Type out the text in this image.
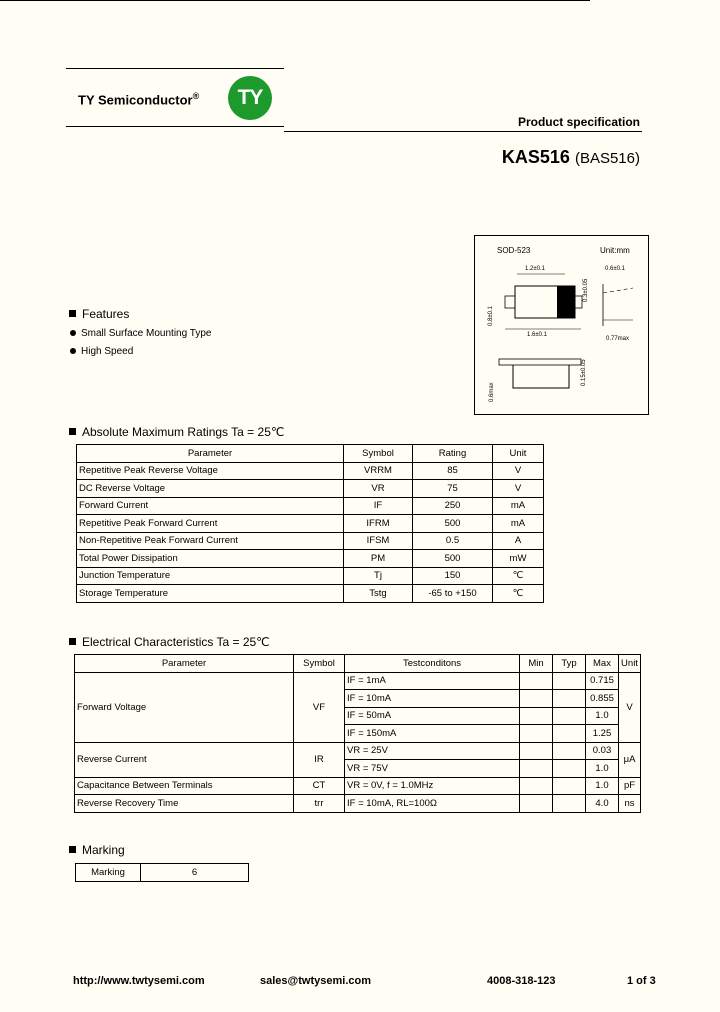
TY Semiconductor®	TY
Product specification
KAS516 (BAS516)
SOD-523	Unit:mm
1.2±0.1
1.6±0.1
0.8±0.1
0.3±0.05
0.6±0.1
0.77max
0.15±0.05
0.6max
Features
Small Surface Mounting Type
High Speed
Absolute Maximum Ratings Ta = 25℃
Parameter	Symbol	Rating	Unit
Repetitive Peak Reverse Voltage	VRRM	85	V
DC Reverse Voltage	VR	75	V
Forward Current	IF	250	mA
Repetitive Peak Forward Current	IFRM	500	mA
Non-Repetitive Peak Forward Current	IFSM	0.5	A
Total Power Dissipation	PM	500	mW
Junction Temperature	Tj	150	℃
Storage Temperature	Tstg	-65 to +150	℃
Electrical Characteristics Ta = 25℃
Parameter	Symbol	Testconditons	Min	Typ	Max	Unit
Forward Voltage	VF	IF = 1mA			0.715	V
		IF = 10mA			0.855	
		IF = 50mA			1.0	
		IF = 150mA			1.25	
Reverse Current	IR	VR = 25V			0.03	μA
		VR = 75V			1.0	
Capacitance Between Terminals	CT	VR = 0V, f = 1.0MHz			1.0	pF
Reverse Recovery Time	trr	IF = 10mA, RL=100Ω			4.0	ns
Marking
Marking	6
http://www.twtysemi.com	sales@twtysemi.com	4008-318-123	1 of 3
